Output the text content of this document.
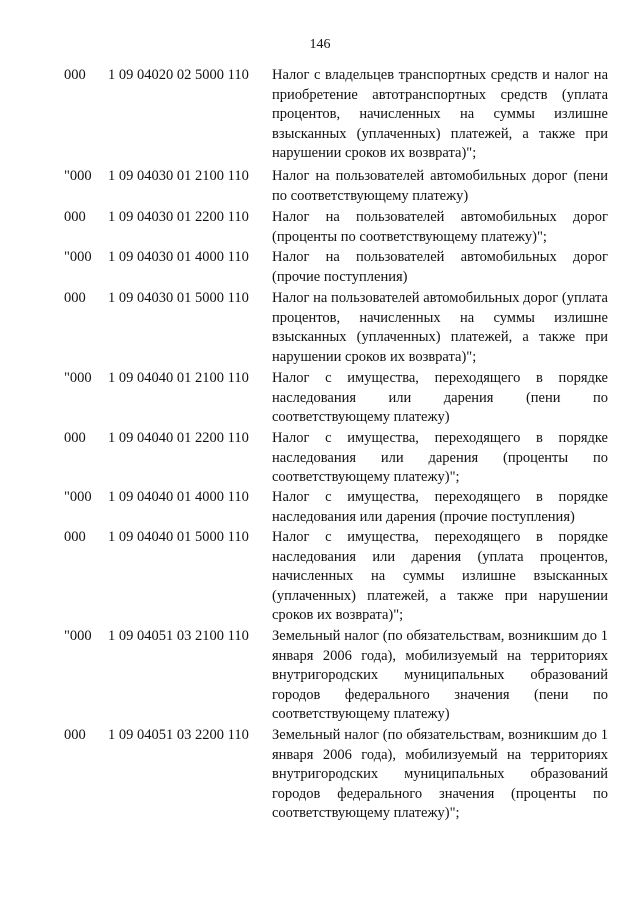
146
000	1 09 04020 02 5000 110	Налог с владельцев транспортных средств и налог на приобретение автотранспортных средств (уплата процентов, начисленных на суммы излишне взысканных (уплаченных) платежей, а также при нарушении сроков их возврата)";
"000	1 09 04030 01 2100 110	Налог на пользователей автомобильных дорог (пени по соответствующему платежу)
000	1 09 04030 01 2200 110	Налог на пользователей автомобильных дорог (проценты по соответствующему платежу)";
"000	1 09 04030 01 4000 110	Налог на пользователей автомобильных дорог (прочие поступления)
000	1 09 04030 01 5000 110	Налог на пользователей автомобильных дорог (уплата процентов, начисленных на суммы излишне взысканных (уплаченных) платежей, а также при нарушении сроков их возврата)";
"000	1 09 04040 01 2100 110	Налог с имущества, переходящего в порядке наследования или дарения (пени по соответствующему платежу)
000	1 09 04040 01 2200 110	Налог с имущества, переходящего в порядке наследования или дарения (проценты по соответствующему платежу)";
"000	1 09 04040 01 4000 110	Налог с имущества, переходящего в порядке наследования или дарения (прочие поступления)
000	1 09 04040 01 5000 110	Налог с имущества, переходящего в порядке наследования или дарения (уплата процентов, начисленных на суммы излишне взысканных (уплаченных) платежей, а также при нарушении сроков их возврата)";
"000	1 09 04051 03 2100 110	Земельный налог (по обязательствам, возникшим до 1 января 2006 года), мобилизуемый на территориях внутригородских муниципальных образований городов федерального значения (пени по соответствующему платежу)
000	1 09 04051 03 2200 110	Земельный налог (по обязательствам, возникшим до 1 января 2006 года), мобилизуемый на территориях внутригородских муниципальных образований городов федерального значения (проценты по соответствующему платежу)";
